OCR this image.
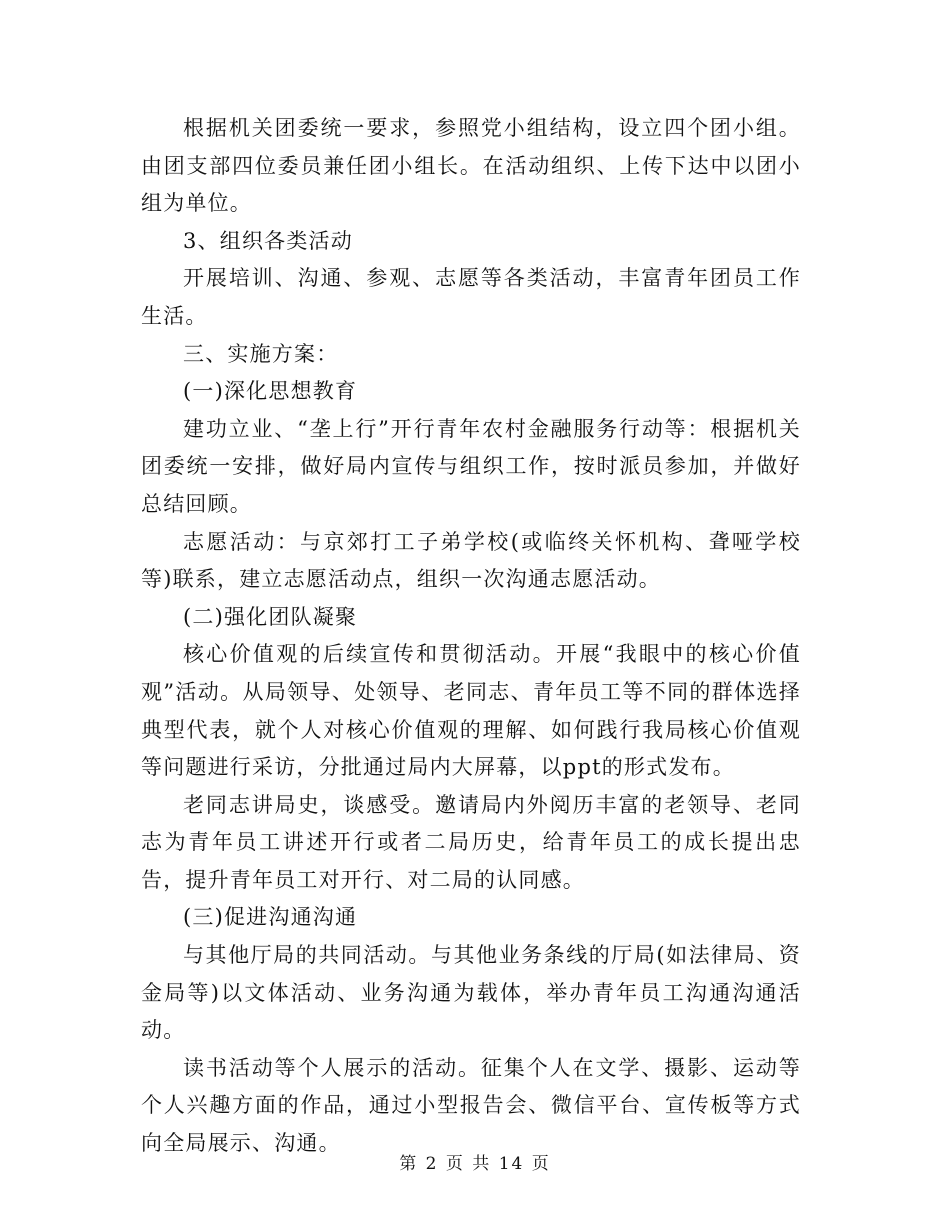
根据机关团委统一要求，参照党小组结构，设立四个团小组。由团支部四位委员兼任团小组长。在活动组织、上传下达中以团小组为单位。

3、组织各类活动

开展培训、沟通、参观、志愿等各类活动，丰富青年团员工作生活。

三、实施方案：

(一)深化思想教育

建功立业、“垄上行”开行青年农村金融服务行动等：根据机关团委统一安排，做好局内宣传与组织工作，按时派员参加，并做好总结回顾。

志愿活动：与京郊打工子弟学校(或临终关怀机构、聋哑学校等)联系，建立志愿活动点，组织一次沟通志愿活动。

(二)强化团队凝聚

核心价值观的后续宣传和贯彻活动。开展“我眼中的核心价值观”活动。从局领导、处领导、老同志、青年员工等不同的群体选择典型代表，就个人对核心价值观的理解、如何践行我局核心价值观等问题进行采访，分批通过局内大屏幕，以ppt的形式发布。

老同志讲局史，谈感受。邀请局内外阅历丰富的老领导、老同志为青年员工讲述开行或者二局历史，给青年员工的成长提出忠告，提升青年员工对开行、对二局的认同感。

(三)促进沟通沟通

与其他厅局的共同活动。与其他业务条线的厅局(如法律局、资金局等)以文体活动、业务沟通为载体，举办青年员工沟通沟通活动。

读书活动等个人展示的活动。征集个人在文学、摄影、运动等个人兴趣方面的作品，通过小型报告会、微信平台、宣传板等方式向全局展示、沟通。

第 2 页 共 14 页
